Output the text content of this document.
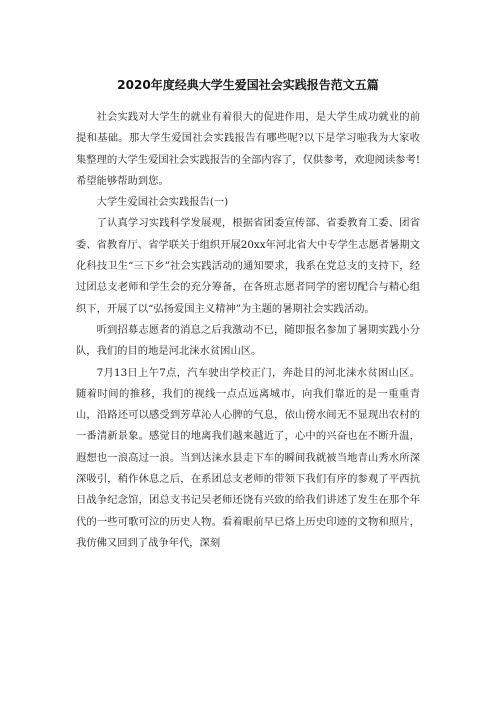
2020年度经典大学生爱国社会实践报告范文五篇

社会实践对大学生的就业有着很大的促进作用，是大学生成功就业的前提和基础。那大学生爱国社会实践报告有哪些呢?以下是学习啦我为大家收集整理的大学生爱国社会实践报告的全部内容了，仅供参考，欢迎阅读参考!希望能够帮助到您。

大学生爱国社会实践报告(一)

了认真学习实践科学发展观，根据省团委宣传部、省委教育工委、团省委、省教育厅、省学联关于组织开展20xx年河北省大中专学生志愿者暑期文化科技卫生“三下乡”社会实践活动的通知要求，我系在党总支的支持下，经过团总支老师和学生会的充分筹备，在各班志愿者同学的密切配合与精心组织下，开展了以“弘扬爱国主义精神”为主题的暑期社会实践活动。

听到招募志愿者的消息之后我激动不已，随即报名参加了暑期实践小分队，我们的目的地是河北涞水贫困山区。

7月13日上午7点，汽车驶出学校正门，奔赴目的河北涞水贫困山区。随着时间的推移，我们的视线一点点远离城市，向我们靠近的是一重重青山，沿路还可以感受到芳草沁人心脾的气息，依山傍水间无不显现出农村的一番清新景象。感觉目的地离我们越来越近了，心中的兴奋也在不断升温，遐想也一浪高过一浪。当到达涞水县走下车的瞬间我就被当地青山秀水所深深吸引，稍作休息之后，在系团总支老师的带领下我们有序的参观了平西抗日战争纪念馆，团总支书记吴老师还饶有兴致的给我们讲述了发生在那个年代的一些可歌可泣的历史人物。看着眼前早已烙上历史印迹的文物和照片，我仿佛又回到了战争年代，深刻
